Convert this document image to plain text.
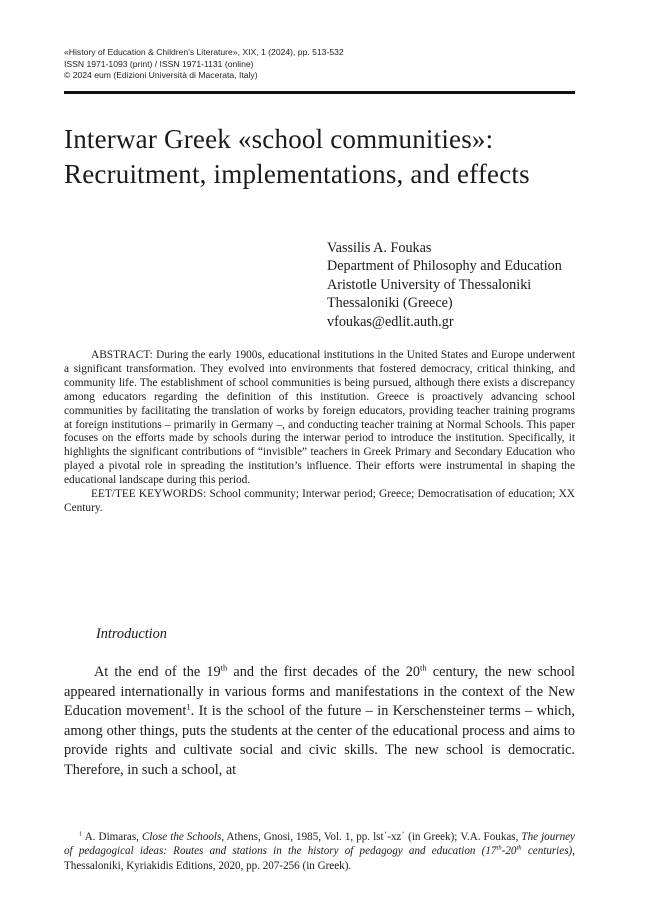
«History of Education & Children's Literature», XIX, 1 (2024), pp. 513-532
ISSN 1971-1093 (print) / ISSN 1971-1131 (online)
© 2024 eum (Edizioni Università di Macerata, Italy)
Interwar Greek «school communities»:
Recruitment, implementations, and effects
Vassilis A. Foukas
Department of Philosophy and Education
Aristotle University of Thessaloniki
Thessaloniki (Greece)
vfoukas@edlit.auth.gr

ABSTRACT: During the early 1900s, educational institutions in the United States and Europe underwent a significant transformation. They evolved into environments that fostered democracy, critical thinking, and community life. The establishment of school communities is being pursued, although there exists a discrepancy among educators regarding the definition of this institution. Greece is proactively advancing school communities by facilitating the translation of works by foreign educators, providing teacher training programs at foreign institutions – primarily in Germany –, and conducting teacher training at Normal Schools. This paper focuses on the efforts made by schools during the interwar period to introduce the institution. Specifically, it highlights the significant contributions of “invisible” teachers in Greek Primary and Secondary Education who played a pivotal role in spreading the institution’s influence. Their efforts were instrumental in shaping the educational landscape during this period.

EET/TEE KEYWORDS: School community; Interwar period; Greece; Democratisation of education; XX Century.

Introduction

At the end of the 19th and the first decades of the 20th century, the new school appeared internationally in various forms and manifestations in the context of the New Education movement$^1$. It is the school of the future – in Kerschensteiner terms – which, among other things, puts the students at the center of the educational process and aims to provide rights and cultivate social and civic skills. The new school is democratic. Therefore, in such a school, at

$^1$ A. Dimaras, Close the Schools, Athens, Gnosi, 1985, Vol. 1, pp. lst΄-xz΄ (in Greek); V.A. Foukas, The journey of pedagogical ideas: Routes and stations in the history of pedagogy and education (17th-20th centuries), Thessaloniki, Kyriakidis Editions, 2020, pp. 207-256 (in Greek).
